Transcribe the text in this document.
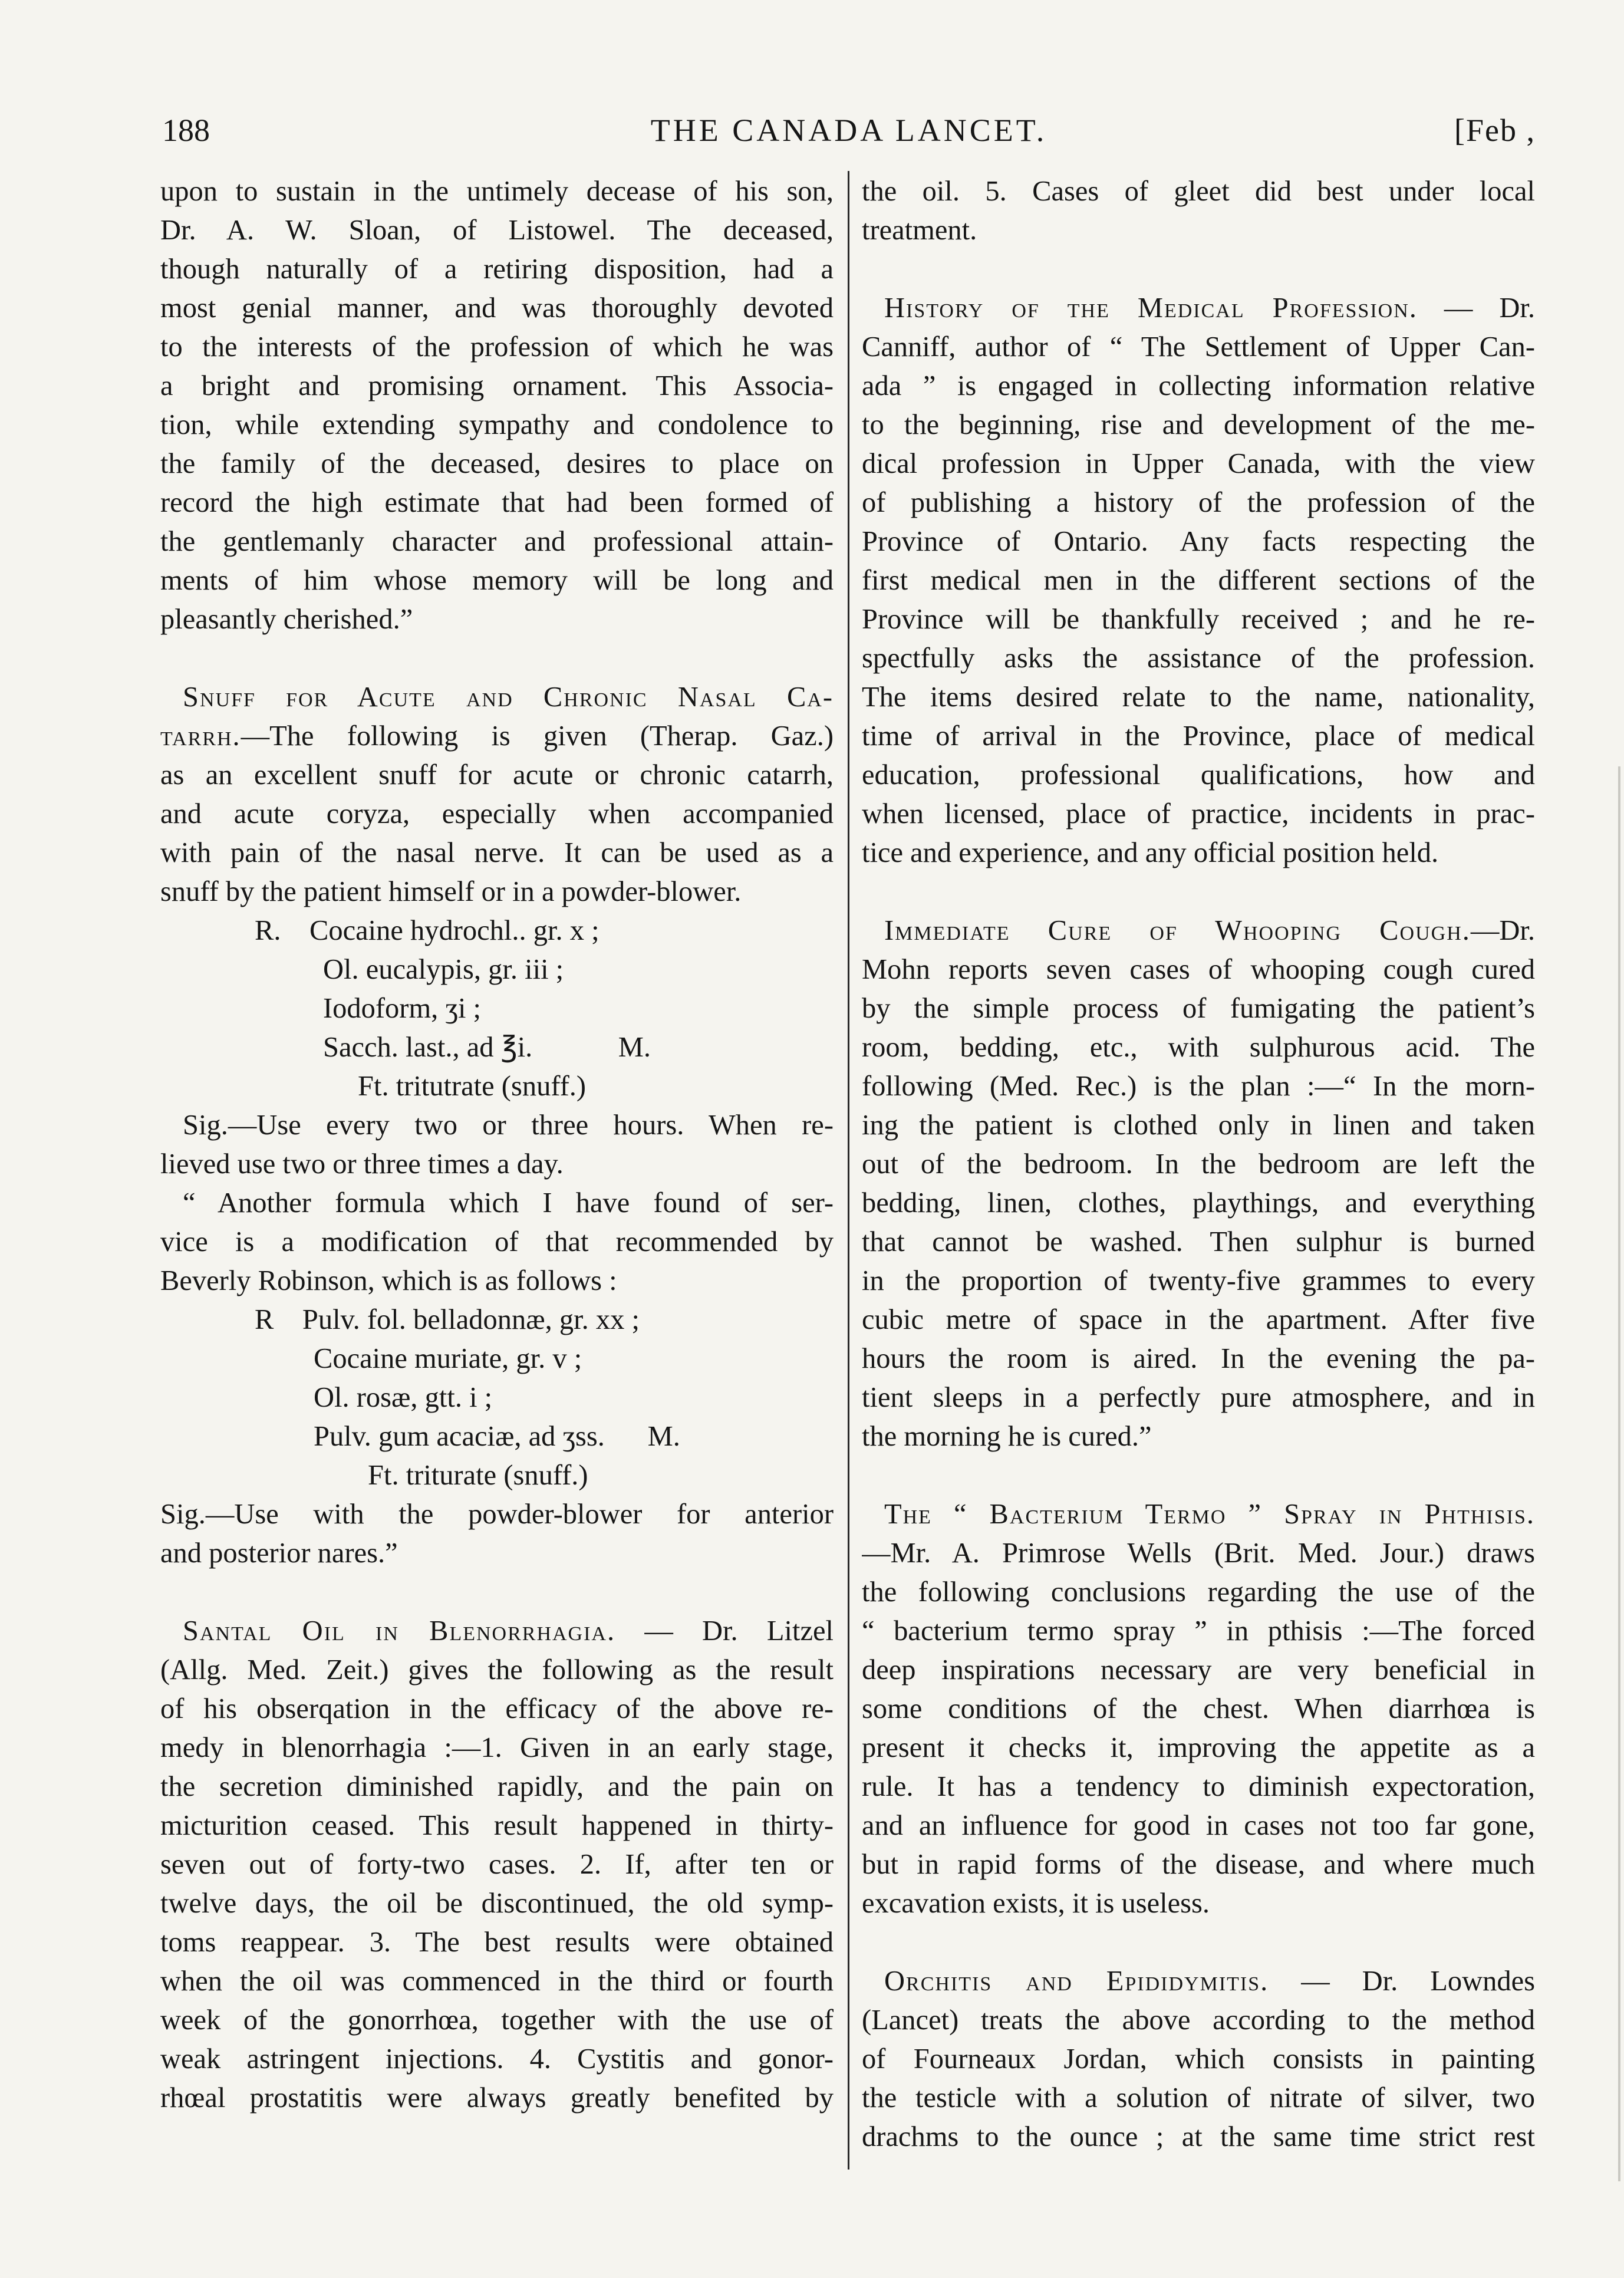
188	THE CANADA LANCET.	[Feb ,
upon to sustain in the untimely decease of his son,
Dr. A. W. Sloan, of Listowel. The deceased,
though naturally of a retiring disposition, had a
most genial manner, and was thoroughly devoted
to the interests of the profession of which he was
a bright and promising ornament. This Associa-
tion, while extending sympathy and condolence to
the family of the deceased, desires to place on
record the high estimate that had been formed of
the gentlemanly character and professional attain-
ments of him whose memory will be long and
pleasantly cherished.”
Snuff for Acute and Chronic Nasal Ca-
tarrh.—The following is given (Therap. Gaz.)
as an excellent snuff for acute or chronic catarrh,
and acute coryza, especially when accompanied
with pain of the nasal nerve. It can be used as a
snuff by the patient himself or in a powder-blower.
R.    Cocaine hydrochl.. gr. x ;
Ol. eucalypis, gr. iii ;
Iodoform, ʒi ;
Sacch. last., ad ℥i.            M.
Ft. tritutrate (snuff.)
Sig.—Use every two or three hours. When re-
lieved use two or three times a day.
“ Another formula which I have found of ser-
vice is a modification of that recommended by
Beverly Robinson, which is as follows :
R    Pulv. fol. belladonnæ, gr. xx ;
Cocaine muriate, gr. v ;
Ol. rosæ, gtt. i ;
Pulv. gum acaciæ, ad ʒss.      M.
Ft. triturate (snuff.)
Sig.—Use with the powder-blower for anterior
and posterior nares.”
Santal Oil in Blenorrhagia. — Dr. Litzel
(Allg. Med. Zeit.) gives the following as the result
of his obserqation in the efficacy of the above re-
medy in blenorrhagia :—1. Given in an early stage,
the secretion diminished rapidly, and the pain on
micturition ceased. This result happened in thirty-
seven out of forty-two cases. 2. If, after ten or
twelve days, the oil be discontinued, the old symp-
toms reappear. 3. The best results were obtained
when the oil was commenced in the third or fourth
week of the gonorrhœa, together with the use of
weak astringent injections. 4. Cystitis and gonor-
rhœal prostatitis were always greatly benefited by
the oil. 5. Cases of gleet did best under local
treatment.
History of the Medical Profession. — Dr.
Canniff, author of “ The Settlement of Upper Can-
ada ” is engaged in collecting information relative
to the beginning, rise and development of the me-
dical profession in Upper Canada, with the view
of publishing a history of the profession of the
Province of Ontario. Any facts respecting the
first medical men in the different sections of the
Province will be thankfully received ; and he re-
spectfully asks the assistance of the profession.
The items desired relate to the name, nationality,
time of arrival in the Province, place of medical
education, professional qualifications, how and
when licensed, place of practice, incidents in prac-
tice and experience, and any official position held.
Immediate Cure of Whooping Cough.—Dr.
Mohn reports seven cases of whooping cough cured
by the simple process of fumigating the patient’s
room, bedding, etc., with sulphurous acid. The
following (Med. Rec.) is the plan :—“ In the morn-
ing the patient is clothed only in linen and taken
out of the bedroom. In the bedroom are left the
bedding, linen, clothes, playthings, and everything
that cannot be washed. Then sulphur is burned
in the proportion of twenty-five grammes to every
cubic metre of space in the apartment. After five
hours the room is aired. In the evening the pa-
tient sleeps in a perfectly pure atmosphere, and in
the morning he is cured.”
The “ Bacterium Termo ” Spray in Phthisis.
—Mr. A. Primrose Wells (Brit. Med. Jour.) draws
the following conclusions regarding the use of the
“ bacterium termo spray ” in pthisis :—The forced
deep inspirations necessary are very beneficial in
some conditions of the chest. When diarrhœa is
present it checks it, improving the appetite as a
rule. It has a tendency to diminish expectoration,
and an influence for good in cases not too far gone,
but in rapid forms of the disease, and where much
excavation exists, it is useless.
Orchitis and Epididymitis. — Dr. Lowndes
(Lancet) treats the above according to the method
of Fourneaux Jordan, which consists in painting
the testicle with a solution of nitrate of silver, two
drachms to the ounce ; at the same time strict rest
